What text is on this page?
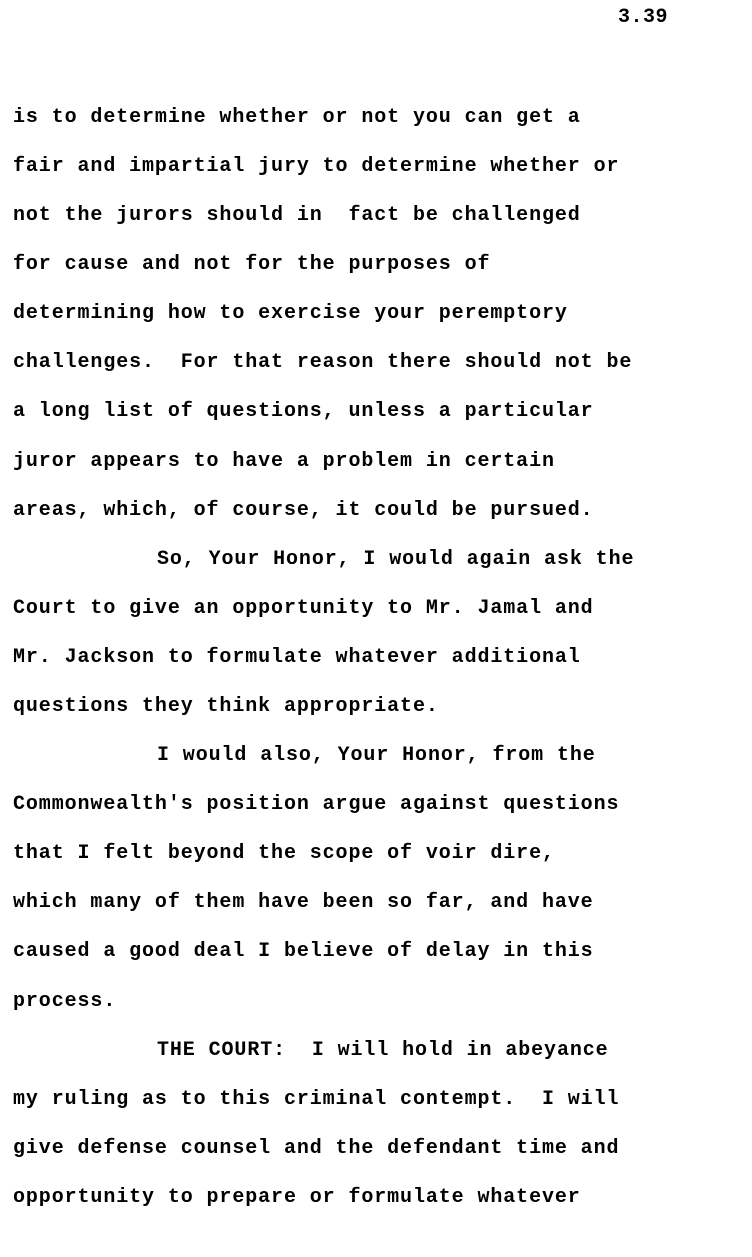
3.39
is to determine whether or not you can get a
fair and impartial jury to determine whether or
not the jurors should in  fact be challenged
for cause and not for the purposes of
determining how to exercise your peremptory
challenges.  For that reason there should not be
a long list of questions, unless a particular
juror appears to have a problem in certain
areas, which, of course, it could be pursued.
So, Your Honor, I would again ask the
Court to give an opportunity to Mr. Jamal and
Mr. Jackson to formulate whatever additional
questions they think appropriate.
I would also, Your Honor, from the
Commonwealth's position argue against questions
that I felt beyond the scope of voir dire,
which many of them have been so far, and have
caused a good deal I believe of delay in this
process.
THE COURT:  I will hold in abeyance
my ruling as to this criminal contempt.  I will
give defense counsel and the defendant time and
opportunity to prepare or formulate whatever
